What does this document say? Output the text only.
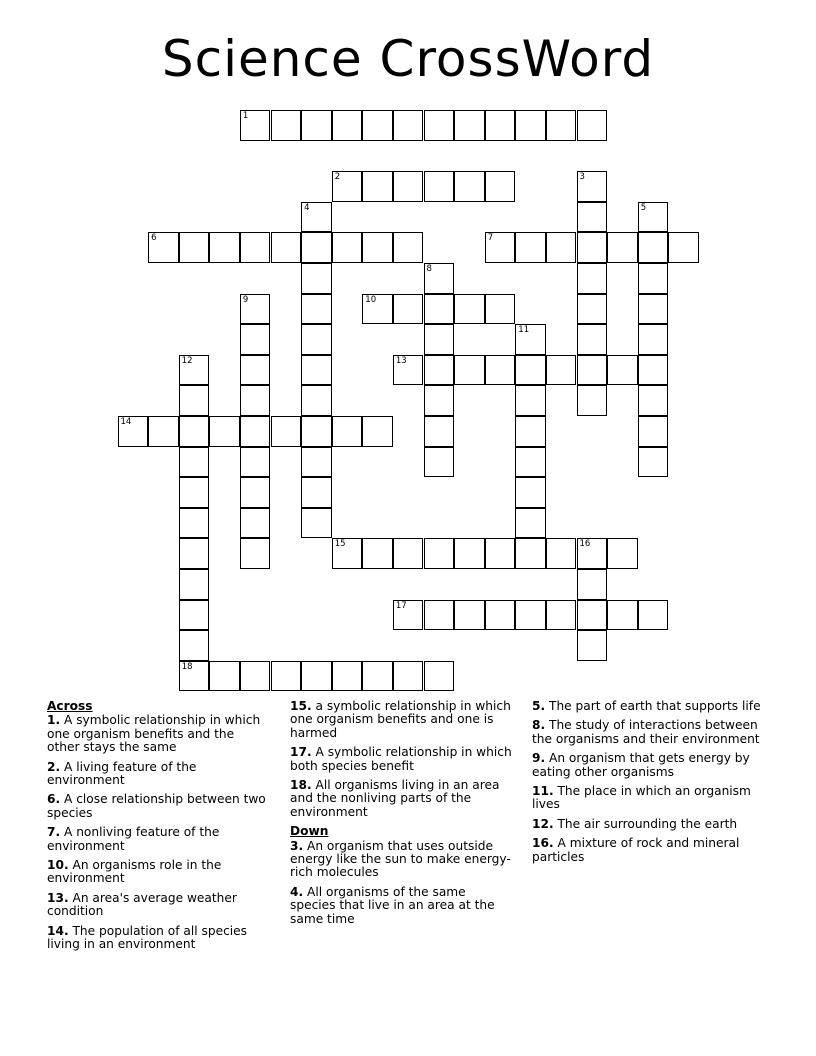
Science CrossWord
1
2	3
4	5
6	7
8
9	10
11
12	13
14
15	16
17
18
Across
1. A symbolic relationship in which one organism benefits and the other stays the same
2. A living feature of the environment
6. A close relationship between two species
7. A nonliving feature of the environment
10. An organisms role in the environment
13. An area's average weather condition
14. The population of all species living in an environment
15. a symbolic relationship in which one organism benefits and one is harmed
17. A symbolic relationship in which both species benefit
18. All organisms living in an area and the nonliving parts of the environment
Down
3. An organism that uses outside energy like the sun to make energy-rich molecules
4. All organisms of the same species that live in an area at the same time
5. The part of earth that supports life
8. The study of interactions between the organisms and their environment
9. An organism that gets energy by eating other organisms
11. The place in which an organism lives
12. The air surrounding the earth
16. A mixture of rock and mineral particles
